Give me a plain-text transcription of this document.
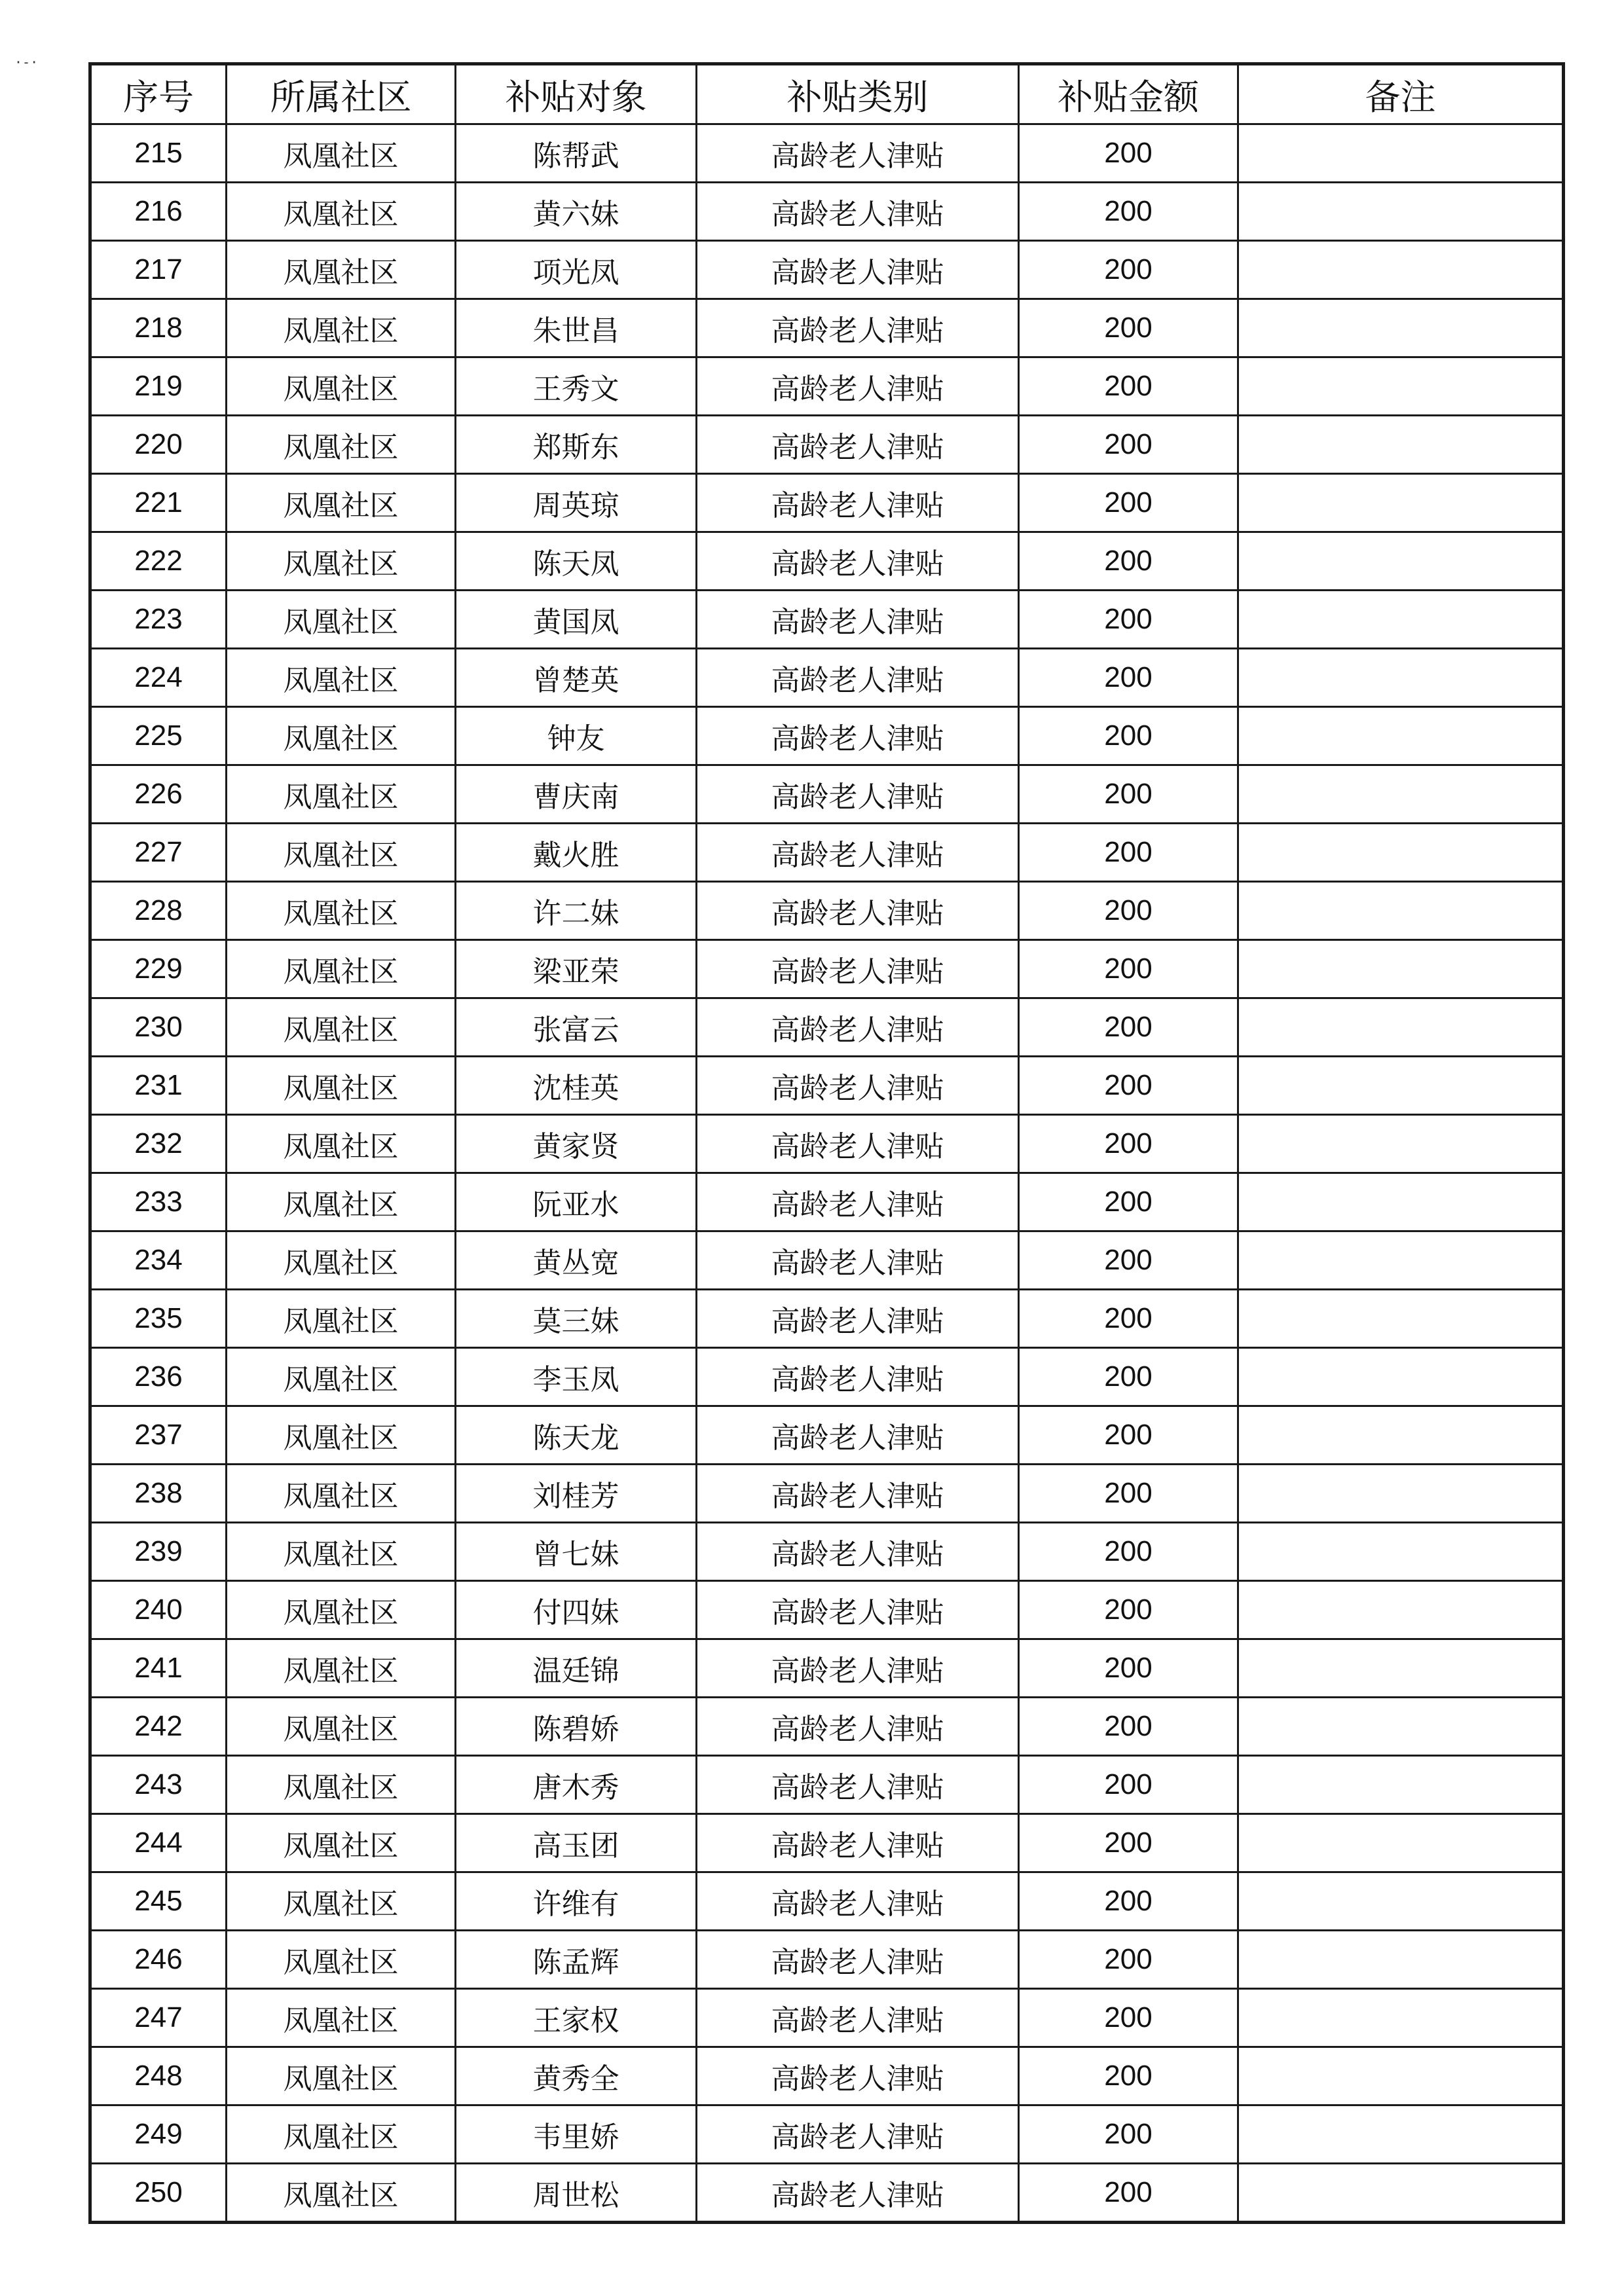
·-·
序号	所属社区	补贴对象	补贴类别	补贴金额	备注
215	凤凰社区	陈帮武	高龄老人津贴	200	
216	凤凰社区	黄六妹	高龄老人津贴	200	
217	凤凰社区	项光凤	高龄老人津贴	200	
218	凤凰社区	朱世昌	高龄老人津贴	200	
219	凤凰社区	王秀文	高龄老人津贴	200	
220	凤凰社区	郑斯东	高龄老人津贴	200	
221	凤凰社区	周英琼	高龄老人津贴	200	
222	凤凰社区	陈天凤	高龄老人津贴	200	
223	凤凰社区	黄国凤	高龄老人津贴	200	
224	凤凰社区	曾楚英	高龄老人津贴	200	
225	凤凰社区	钟友	高龄老人津贴	200	
226	凤凰社区	曹庆南	高龄老人津贴	200	
227	凤凰社区	戴火胜	高龄老人津贴	200	
228	凤凰社区	许二妹	高龄老人津贴	200	
229	凤凰社区	梁亚荣	高龄老人津贴	200	
230	凤凰社区	张富云	高龄老人津贴	200	
231	凤凰社区	沈桂英	高龄老人津贴	200	
232	凤凰社区	黄家贤	高龄老人津贴	200	
233	凤凰社区	阮亚水	高龄老人津贴	200	
234	凤凰社区	黄丛宽	高龄老人津贴	200	
235	凤凰社区	莫三妹	高龄老人津贴	200	
236	凤凰社区	李玉凤	高龄老人津贴	200	
237	凤凰社区	陈天龙	高龄老人津贴	200	
238	凤凰社区	刘桂芳	高龄老人津贴	200	
239	凤凰社区	曾七妹	高龄老人津贴	200	
240	凤凰社区	付四妹	高龄老人津贴	200	
241	凤凰社区	温廷锦	高龄老人津贴	200	
242	凤凰社区	陈碧娇	高龄老人津贴	200	
243	凤凰社区	唐木秀	高龄老人津贴	200	
244	凤凰社区	高玉团	高龄老人津贴	200	
245	凤凰社区	许维有	高龄老人津贴	200	
246	凤凰社区	陈孟辉	高龄老人津贴	200	
247	凤凰社区	王家权	高龄老人津贴	200	
248	凤凰社区	黄秀全	高龄老人津贴	200	
249	凤凰社区	韦里娇	高龄老人津贴	200	
250	凤凰社区	周世松	高龄老人津贴	200	
